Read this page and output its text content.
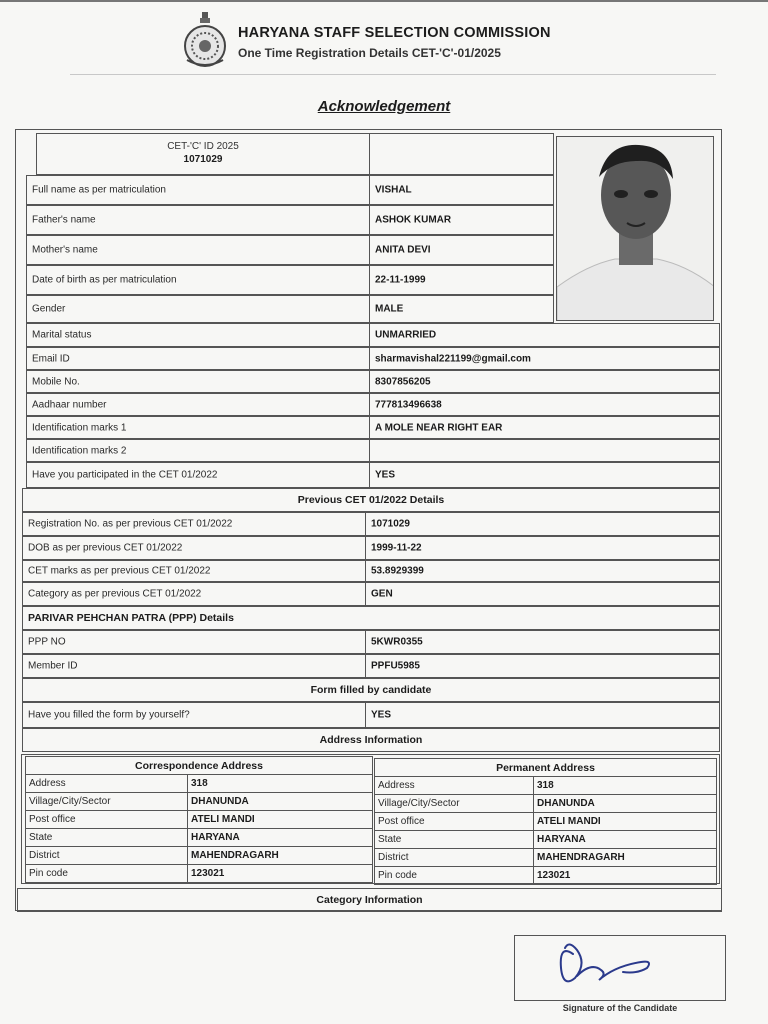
HARYANA STAFF SELECTION COMMISSION
One Time Registration Details CET-'C'-01/2025
Acknowledgement
CET-'C' ID 2025
1071029
Full name as per matriculation	VISHAL
Father's name	ASHOK KUMAR
Mother's name	ANITA DEVI
Date of birth as per matriculation	22-11-1999
Gender	MALE
Marital status	UNMARRIED
Email ID	sharmavishal221199@gmail.com
Mobile No.	8307856205
Aadhaar number	777813496638
Identification marks 1	A MOLE NEAR RIGHT EAR
Identification marks 2
Have you participated in the CET 01/2022	YES
Previous CET 01/2022 Details
Registration No. as per previous CET 01/2022	1071029
DOB as per previous CET 01/2022	1999-11-22
CET marks as per previous CET 01/2022	53.8929399
Category as per previous CET 01/2022	GEN
PARIVAR PEHCHAN PATRA (PPP) Details
PPP NO	5KWR0355
Member ID	PPFU5985
Form filled by candidate
Have you filled the form by yourself?	YES
Address Information
Correspondence Address	
Address	318
Village/City/Sector	DHANUNDA
Post office	ATELI MANDI
State	HARYANA
District	MAHENDRAGARH
Pin code	123021
Permanent Address	
Address	318
Village/City/Sector	DHANUNDA
Post office	ATELI MANDI
State	HARYANA
District	MAHENDRAGARH
Pin code	123021
Category Information
Signature of the Candidate
